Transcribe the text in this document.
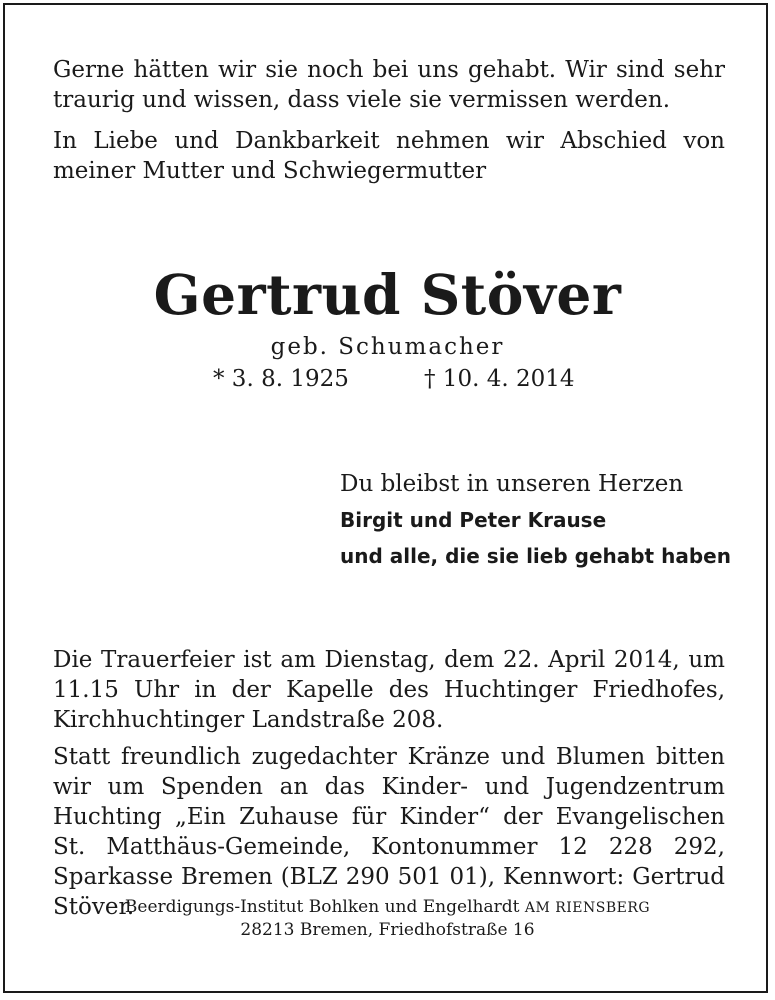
Gerne hätten wir sie noch bei uns gehabt. Wir sind sehr traurig und wissen, dass viele sie vermissen werden.

In Liebe und Dankbarkeit nehmen wir Abschied von meiner Mutter und Schwiegermutter

Gertrud Stöver
geb. Schumacher
* 3. 8. 1925	† 10. 4. 2014
Du bleibst in unseren Herzen
Birgit und Peter Krause
und alle, die sie lieb gehabt haben

Die Trauerfeier ist am Dienstag, dem 22. April 2014, um 11.15 Uhr in der Kapelle des Huchtinger Friedhofes, Kirchhuchtinger Landstraße 208.

Statt freundlich zugedachter Kränze und Blumen bitten wir um Spenden an das Kinder- und Jugendzentrum Huchting „Ein Zuhause für Kinder“ der Evangelischen St. Matthäus-Gemeinde, Kontonummer 12 228 292, Sparkasse Bremen (BLZ 290 501 01), Kennwort: Gertrud Stöver.

Beerdigungs-Institut Bohlken und Engelhardt AM RIENSBERG
28213 Bremen, Friedhofstraße 16
